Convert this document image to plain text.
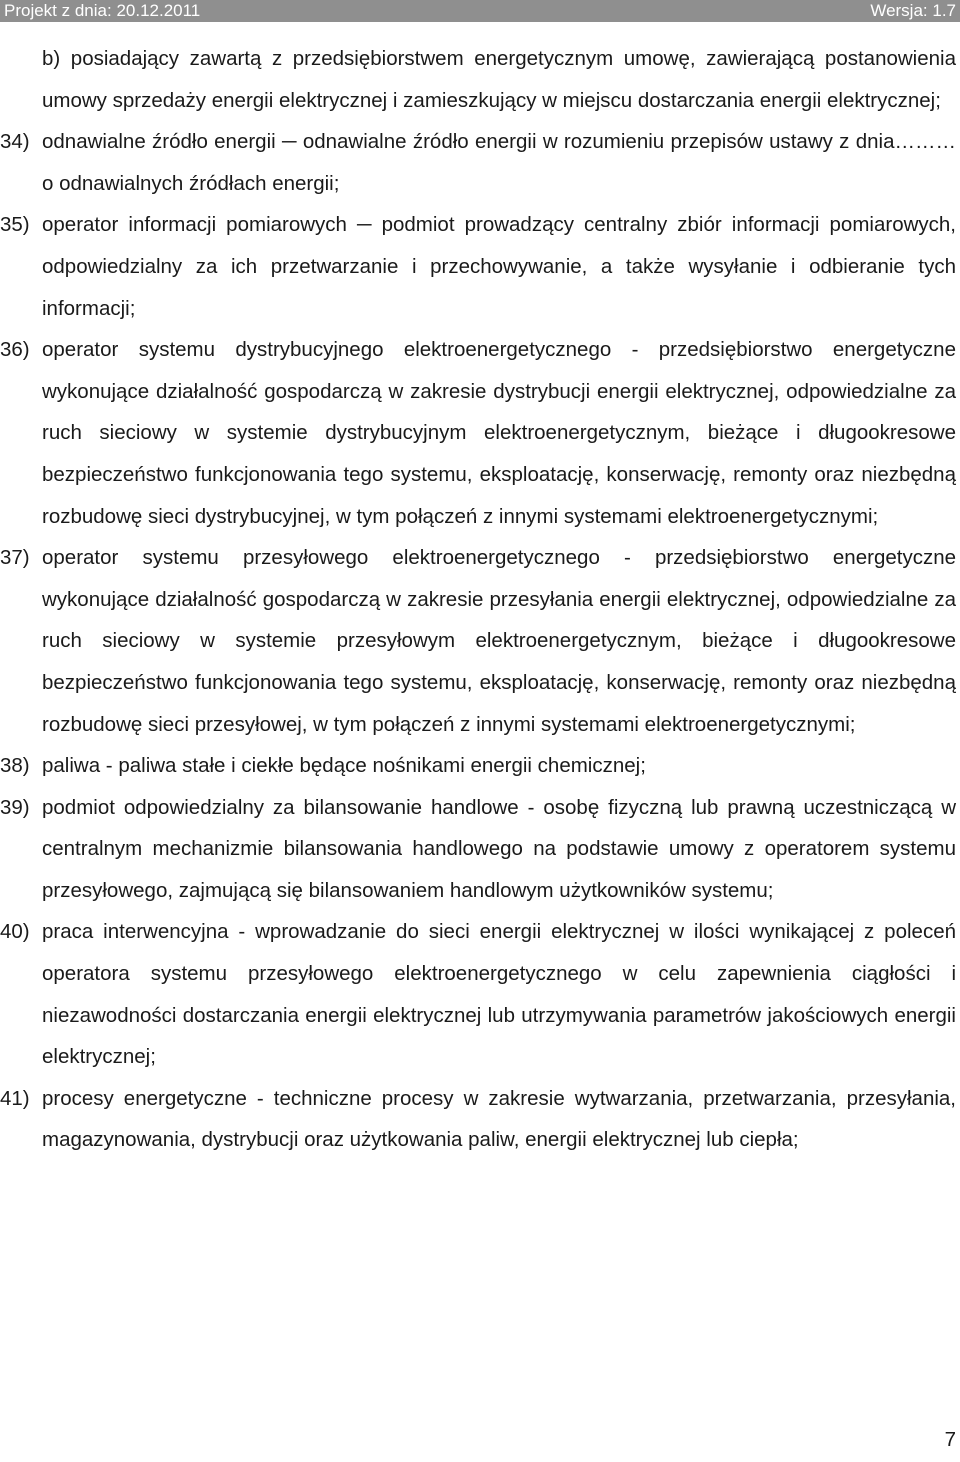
Projekt z dnia: 20.12.2011	Wersja: 1.7
b) posiadający zawartą z przedsiębiorstwem energetycznym umowę, zawierającą postanowienia umowy sprzedaży energii elektrycznej i zamieszkujący w miejscu dostarczania energii elektrycznej;
34) odnawialne źródło energii ─ odnawialne źródło energii w rozumieniu przepisów ustawy z dnia………o odnawialnych źródłach energii;
35) operator informacji pomiarowych ─ podmiot prowadzący centralny zbiór informacji pomiarowych, odpowiedzialny za ich przetwarzanie i przechowywanie, a także wysyłanie i odbieranie tych informacji;
36) operator systemu dystrybucyjnego elektroenergetycznego - przedsiębiorstwo energetyczne wykonujące działalność gospodarczą w zakresie dystrybucji energii elektrycznej, odpowiedzialne za ruch sieciowy w systemie dystrybucyjnym elektroenergetycznym, bieżące i długookresowe bezpieczeństwo funkcjonowania tego systemu, eksploatację, konserwację, remonty oraz niezbędną rozbudowę sieci dystrybucyjnej, w tym połączeń z innymi systemami elektroenergetycznymi;
37) operator systemu przesyłowego elektroenergetycznego - przedsiębiorstwo energetyczne wykonujące działalność gospodarczą w zakresie przesyłania energii elektrycznej, odpowiedzialne za ruch sieciowy w systemie przesyłowym elektroenergetycznym, bieżące i długookresowe bezpieczeństwo funkcjonowania tego systemu, eksploatację, konserwację, remonty oraz niezbędną rozbudowę sieci przesyłowej, w tym połączeń z innymi systemami elektroenergetycznymi;
38) paliwa - paliwa stałe i ciekłe będące nośnikami energii chemicznej;
39) podmiot odpowiedzialny za bilansowanie handlowe - osobę fizyczną lub prawną uczestniczącą w centralnym mechanizmie bilansowania handlowego na podstawie umowy z operatorem systemu przesyłowego, zajmującą się bilansowaniem handlowym użytkowników systemu;
40) praca interwencyjna - wprowadzanie do sieci energii elektrycznej w ilości wynikającej z poleceń operatora systemu przesyłowego elektroenergetycznego w celu zapewnienia ciągłości i niezawodności dostarczania energii elektrycznej lub utrzymywania parametrów jakościowych energii elektrycznej;
41) procesy energetyczne - techniczne procesy w zakresie wytwarzania, przetwarzania, przesyłania, magazynowania, dystrybucji oraz użytkowania paliw, energii elektrycznej lub ciepła;
7
